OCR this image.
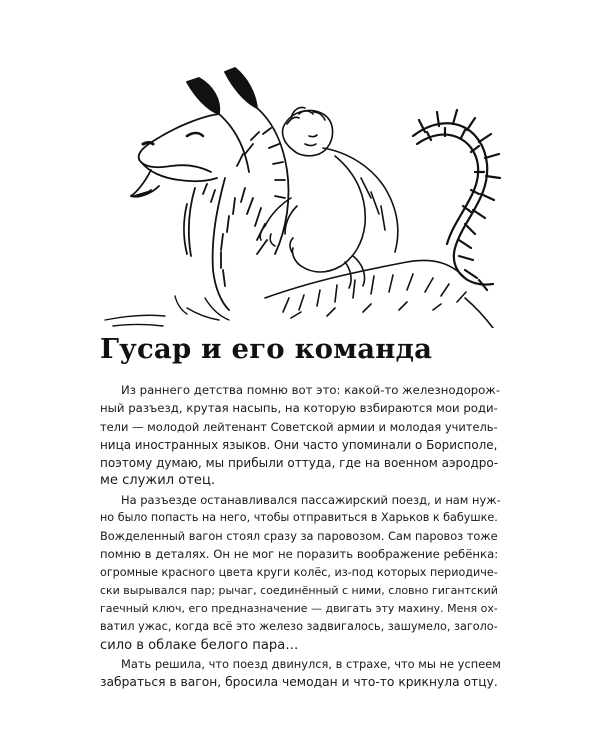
Гусар и его команда
Из раннего детства помню вот это: какой-то железнодорож-
ный разъезд, крутая насыпь, на которую взбираются мои роди-
тели — молодой лейтенант Советской армии и молодая учитель-
ница иностранных языков. Они часто упоминали о Борисполе,
поэтому думаю, мы прибыли оттуда, где на военном аэродро-
ме служил отец.
На разъезде останавливался пассажирский поезд, и нам нуж-
но было попасть на него, чтобы отправиться в Харьков к бабушке.
Вожделенный вагон стоял сразу за паровозом. Сам паровоз тоже
помню в деталях. Он не мог не поразить воображение ребёнка:
огромные красного цвета круги колёс, из-под которых периодиче-
ски вырывался пар; рычаг, соединённый с ними, словно гигантский
гаечный ключ, его предназначение — двигать эту махину. Меня ох-
ватил ужас, когда всё это железо задвигалось, зашумело, заголо-
сило в облаке белого пара…
Мать решила, что поезд двинулся, в страхе, что мы не успеем
забраться в вагон, бросила чемодан и что-то крикнула отцу.
